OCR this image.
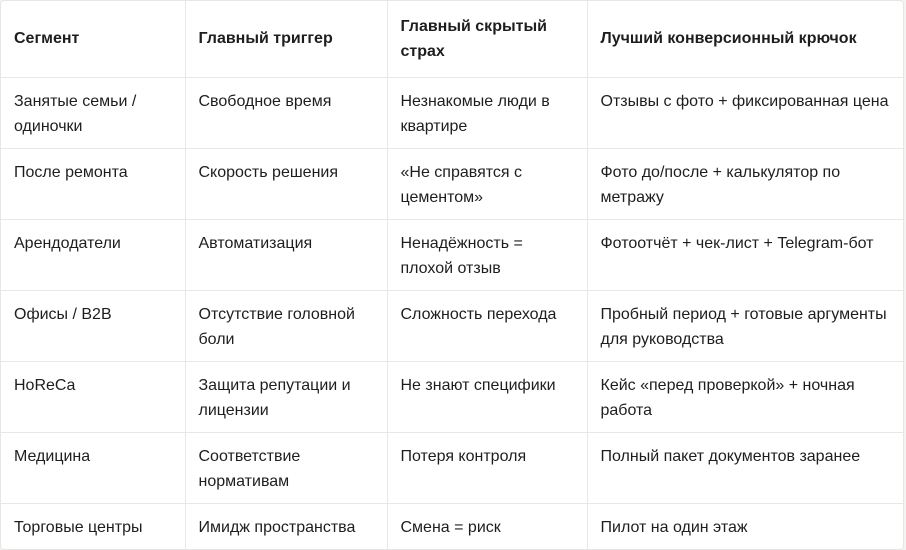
Сегмент	Главный триггер	Главный скрытый страх	Лучший конверсионный крючок
Занятые семьи / одиночки	Свободное время	Незнакомые люди в квартире	Отзывы с фото + фиксированная цена
После ремонта	Скорость решения	«Не справятся с цементом»	Фото до/после + калькулятор по метражу
Арендодатели	Автоматизация	Ненадёжность = плохой отзыв	Фотоотчёт + чек-лист + Telegram-бот
Офисы / B2B	Отсутствие головной боли	Сложность перехода	Пробный период + готовые аргументы для руководства
HoReCa	Защита репутации и лицензии	Не знают специфики	Кейс «перед проверкой» + ночная работа
Медицина	Соответствие нормативам	Потеря контроля	Полный пакет документов заранее
Торговые центры	Имидж пространства	Смена = риск	Пилот на один этаж
